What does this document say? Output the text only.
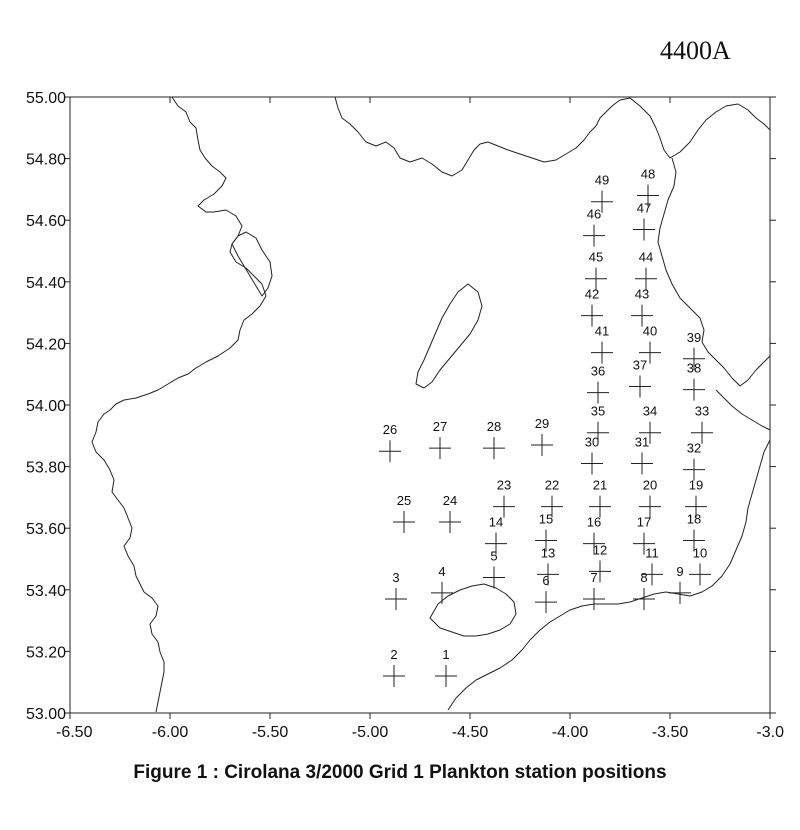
4400A
53.00
53.20
53.40
53.60
53.80
54.00
54.20
54.40
54.60
54.80
55.00
-6.50	-6.00	-5.50	-5.00	-4.50	-4.00	-3.50	-3.0
1
2
3	4
5
6	7	8 9
10
11
12
13
14	15	16	17	18
19
20
21
22
23
24
25
26	27	28	29
30	31	32
33
34
35
36 37	38
39
40
41
42	43
44
45
46	47
48
49
Figure 1 : Cirolana 3/2000 Grid 1 Plankton station positions
